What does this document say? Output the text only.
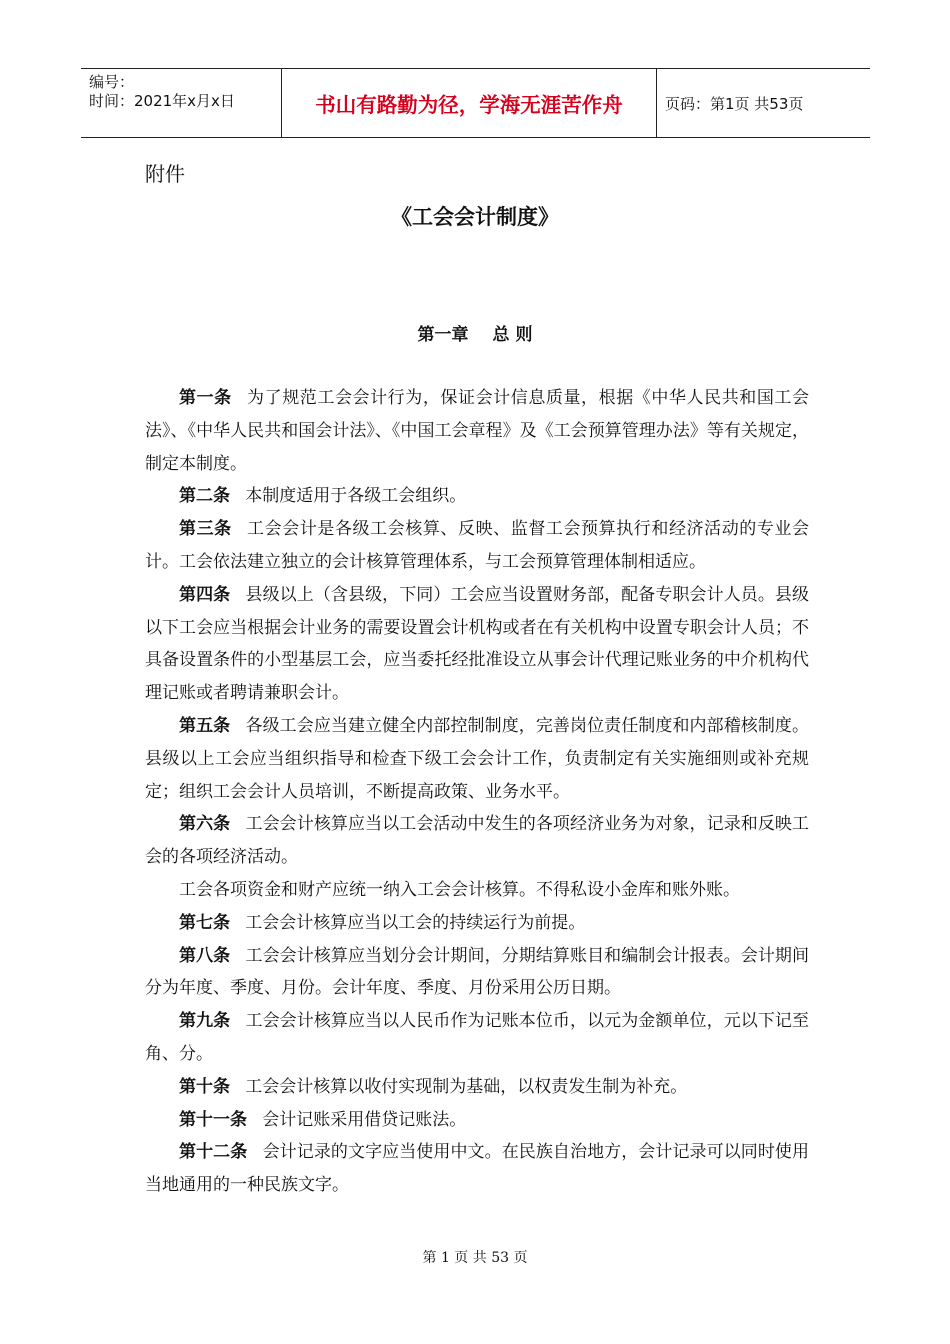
编号：
时间：2021年x月x日	书山有路勤为径，学海无涯苦作舟	页码：第1页 共53页
附件
《工会会计制度》
第一章 总 则

第一条 为了规范工会会计行为，保证会计信息质量，根据《中华人民共和国工会法》、《中华人民共和国会计法》、《中国工会章程》及《工会预算管理办法》等有关规定，制定本制度。

第二条 本制度适用于各级工会组织。

第三条 工会会计是各级工会核算、反映、监督工会预算执行和经济活动的专业会计。工会依法建立独立的会计核算管理体系，与工会预算管理体制相适应。

第四条 县级以上（含县级，下同）工会应当设置财务部，配备专职会计人员。县级以下工会应当根据会计业务的需要设置会计机构或者在有关机构中设置专职会计人员；不具备设置条件的小型基层工会，应当委托经批准设立从事会计代理记账业务的中介机构代理记账或者聘请兼职会计。

第五条 各级工会应当建立健全内部控制制度，完善岗位责任制度和内部稽核制度。县级以上工会应当组织指导和检查下级工会会计工作，负责制定有关实施细则或补充规定；组织工会会计人员培训，不断提高政策、业务水平。

第六条 工会会计核算应当以工会活动中发生的各项经济业务为对象，记录和反映工会的各项经济活动。

工会各项资金和财产应统一纳入工会会计核算。不得私设小金库和账外账。

第七条 工会会计核算应当以工会的持续运行为前提。

第八条 工会会计核算应当划分会计期间，分期结算账目和编制会计报表。会计期间分为年度、季度、月份。会计年度、季度、月份采用公历日期。

第九条 工会会计核算应当以人民币作为记账本位币，以元为金额单位，元以下记至角、分。

第十条 工会会计核算以收付实现制为基础，以权责发生制为补充。

第十一条 会计记账采用借贷记账法。

第十二条 会计记录的文字应当使用中文。在民族自治地方，会计记录可以同时使用当地通用的一种民族文字。

第 1 页 共 53 页
